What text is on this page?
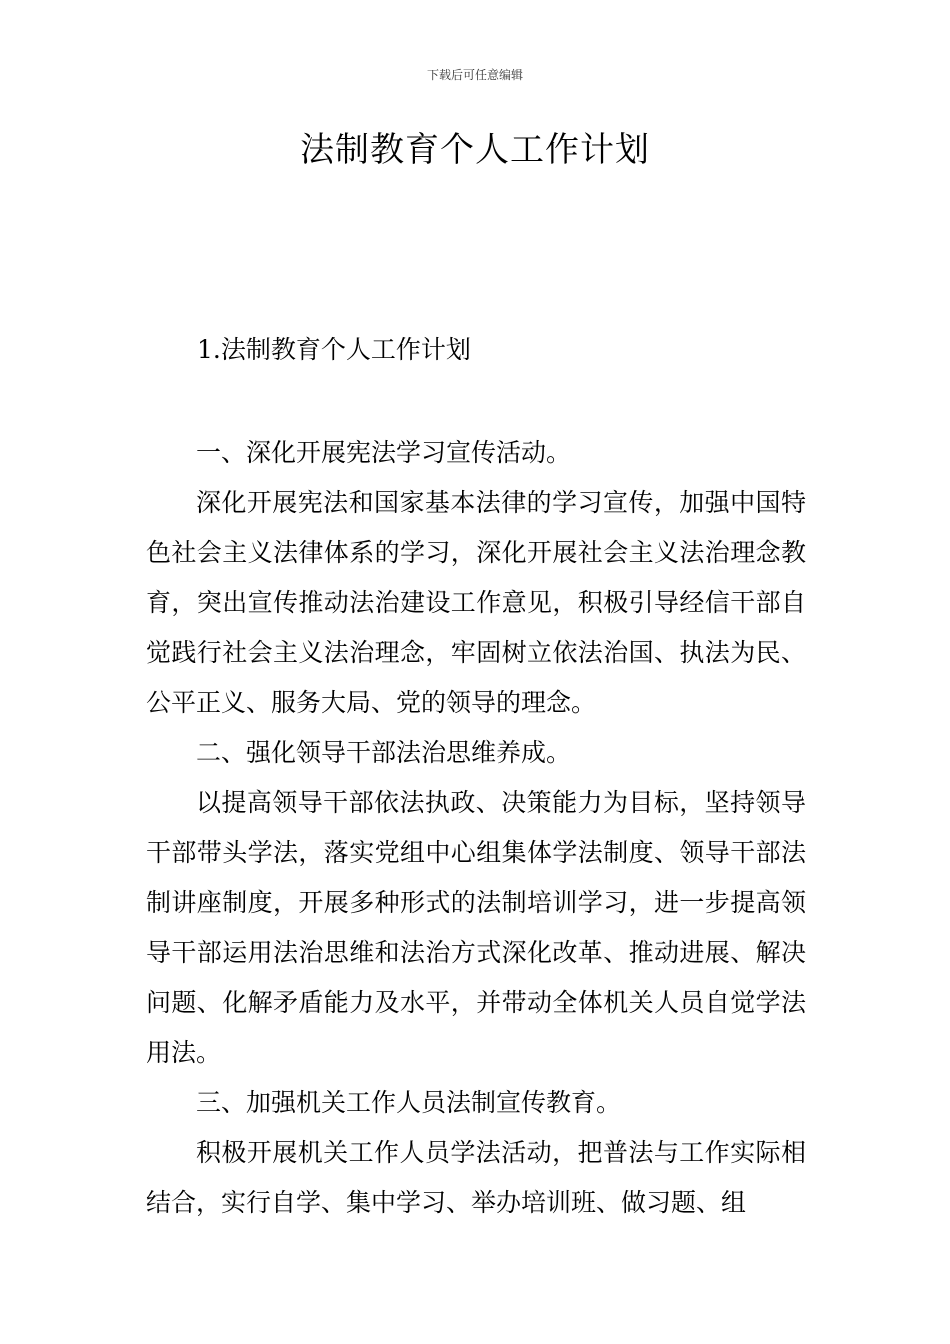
下载后可任意编辑
法制教育个人工作计划
1.法制教育个人工作计划

一、深化开展宪法学习宣传活动。

深化开展宪法和国家基本法律的学习宣传，加强中国特色社会主义法律体系的学习，深化开展社会主义法治理念教育，突出宣传推动法治建设工作意见，积极引导经信干部自觉践行社会主义法治理念，牢固树立依法治国、执法为民、公平正义、服务大局、党的领导的理念。

二、强化领导干部法治思维养成。

以提高领导干部依法执政、决策能力为目标，坚持领导干部带头学法，落实党组中心组集体学法制度、领导干部法制讲座制度，开展多种形式的法制培训学习，进一步提高领导干部运用法治思维和法治方式深化改革、推动进展、解决问题、化解矛盾能力及水平，并带动全体机关人员自觉学法用法。

三、加强机关工作人员法制宣传教育。

积极开展机关工作人员学法活动，把普法与工作实际相结合，实行自学、集中学习、举办培训班、做习题、组
